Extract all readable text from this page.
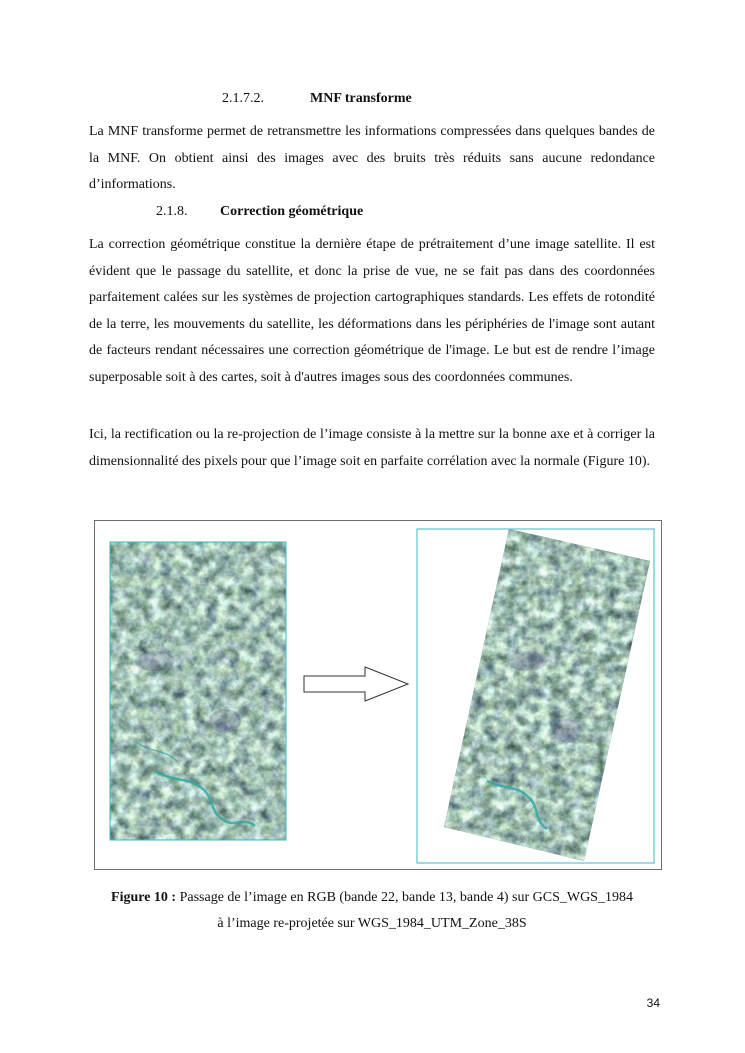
2.1.7.2.	MNF transforme

La MNF transforme permet de retransmettre les informations compressées dans quelques bandes de la MNF. On obtient ainsi des images avec des bruits très réduits sans aucune redondance d’informations.

2.1.8. Correction géométrique

La correction géométrique constitue la dernière étape de prétraitement d’une image satellite. Il est évident que le passage du satellite, et donc la prise de vue, ne se fait pas dans des coordonnées parfaitement calées sur les systèmes de projection cartographiques standards. Les effets de rotondité de la terre, les mouvements du satellite, les déformations dans les périphéries de l'image sont autant de facteurs rendant nécessaires une correction géométrique de l'image. Le but est de rendre l’image superposable soit à des cartes, soit à d'autres images sous des coordonnées communes.

Ici, la rectification ou la re-projection de l’image consiste à la mettre sur la bonne axe et à corriger la dimensionnalité des pixels pour que l’image soit en parfaite corrélation avec la normale (Figure 10).

Figure 10 : Passage de l’image en RGB (bande 22, bande 13, bande 4) sur GCS_WGS_1984
à l’image re-projetée sur WGS_1984_UTM_Zone_38S

34
